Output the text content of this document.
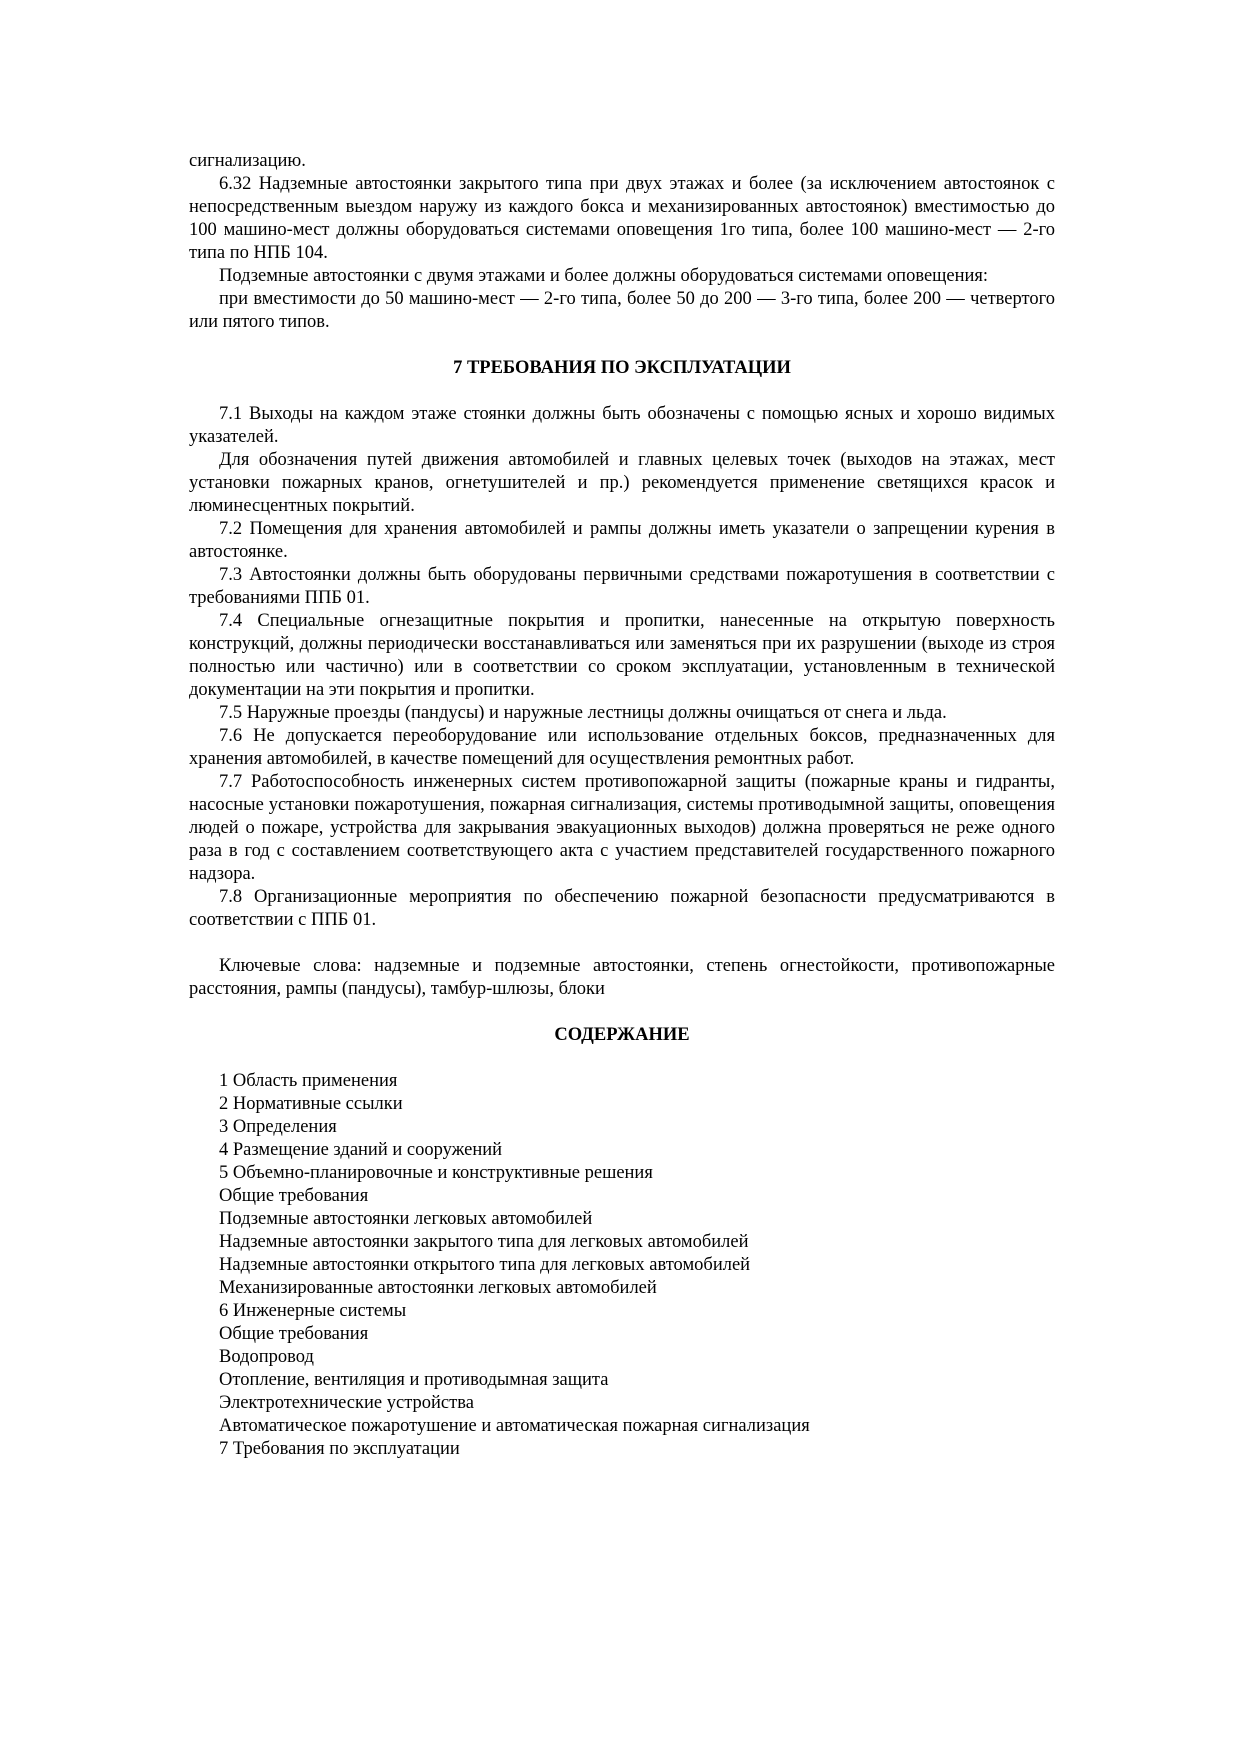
сигнализацию.

6.32 Надземные автостоянки закрытого типа при двух этажах и более (за исключением автостоянок с непосредственным выездом наружу из каждого бокса и механизированных автостоянок) вместимостью до 100 машино-мест должны оборудоваться системами оповещения 1го типа, более 100 машино-мест — 2-го типа по НПБ 104.

Подземные автостоянки с двумя этажами и более должны оборудоваться системами оповещения:

при вместимости до 50 машино-мест — 2-го типа, более 50 до 200 — 3-го типа, более 200 — четвертого или пятого типов.

7 ТРЕБОВАНИЯ ПО ЭКСПЛУАТАЦИИ

7.1 Выходы на каждом этаже стоянки должны быть обозначены с помощью ясных и хорошо видимых указателей.

Для обозначения путей движения автомобилей и главных целевых точек (выходов на этажах, мест установки пожарных кранов, огнетушителей и пр.) рекомендуется применение светящихся красок и люминесцентных покрытий.

7.2 Помещения для хранения автомобилей и рампы должны иметь указатели о запрещении курения в автостоянке.

7.3 Автостоянки должны быть оборудованы первичными средствами пожаротушения в соответствии с требованиями ППБ 01.

7.4 Специальные огнезащитные покрытия и пропитки, нанесенные на открытую поверхность конструкций, должны периодически восстанавливаться или заменяться при их разрушении (выходе из строя полностью или частично) или в соответствии со сроком эксплуатации, установленным в технической документации на эти покрытия и пропитки.

7.5 Наружные проезды (пандусы) и наружные лестницы должны очищаться от снега и льда.

7.6 Не допускается переоборудование или использование отдельных боксов, предназначенных для хранения автомобилей, в качестве помещений для осуществления ремонтных работ.

7.7 Работоспособность инженерных систем противопожарной защиты (пожарные краны и гидранты, насосные установки пожаротушения, пожарная сигнализация, системы противодымной защиты, оповещения людей о пожаре, устройства для закрывания эвакуационных выходов) должна проверяться не реже одного раза в год с составлением соответствующего акта с участием представителей государственного пожарного надзора.

7.8 Организационные мероприятия по обеспечению пожарной безопасности предусматриваются в соответствии с ППБ 01.

Ключевые слова: надземные и подземные автостоянки, степень огнестойкости, противопожарные расстояния, рампы (пандусы), тамбур-шлюзы, блоки

СОДЕРЖАНИЕ
1 Область применения
2 Нормативные ссылки
3 Определения
4 Размещение зданий и сооружений
5 Объемно-планировочные и конструктивные решения
Общие требования
Подземные автостоянки легковых автомобилей
Надземные автостоянки закрытого типа для легковых автомобилей
Надземные автостоянки открытого типа для легковых автомобилей
Механизированные автостоянки легковых автомобилей
6 Инженерные системы
Общие требования
Водопровод
Отопление, вентиляция и противодымная защита
Электротехнические устройства
Автоматическое пожаротушение и автоматическая пожарная сигнализация
7 Требования по эксплуатации
